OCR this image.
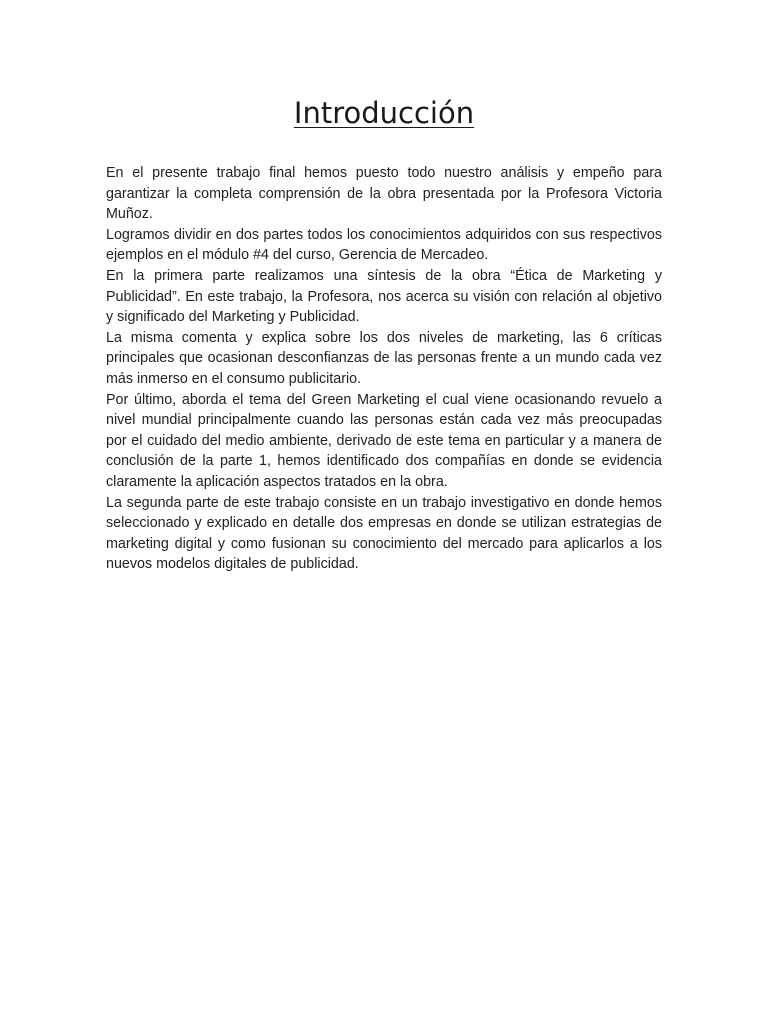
Introducción

En el presente trabajo final hemos puesto todo nuestro análisis y empeño para garantizar la completa comprensión de la obra presentada por la Profesora Victoria Muñoz.

Logramos dividir en dos partes todos los conocimientos adquiridos con sus respectivos ejemplos en el módulo #4 del curso, Gerencia de Mercadeo.

En la primera parte realizamos una síntesis de la obra “Ética de Marketing y Publicidad”. En este trabajo, la Profesora, nos acerca su visión con relación al objetivo y significado del Marketing y Publicidad.

La misma comenta y explica sobre los dos niveles de marketing, las 6 críticas principales que ocasionan desconfianzas de las personas frente a un mundo cada vez más inmerso en el consumo publicitario.

Por último, aborda el tema del Green Marketing el cual viene ocasionando revuelo a nivel mundial principalmente cuando las personas están cada vez más preocupadas por el cuidado del medio ambiente, derivado de este tema en particular y a manera de conclusión de la parte 1, hemos identificado dos compañías en donde se evidencia claramente la aplicación aspectos tratados en la obra.

La segunda parte de este trabajo consiste en un trabajo investigativo en donde hemos seleccionado y explicado en detalle dos empresas en donde se utilizan estrategias de marketing digital y como fusionan su conocimiento del mercado para aplicarlos a los nuevos modelos digitales de publicidad.
